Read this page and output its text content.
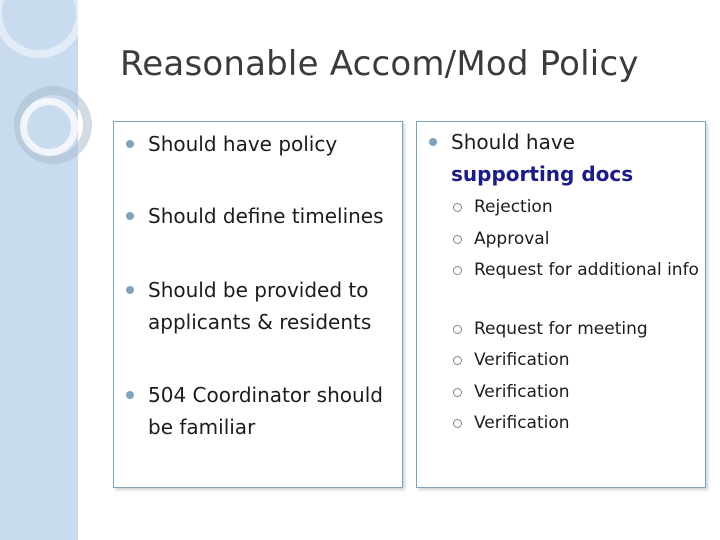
Reasonable Accom/Mod Policy
Should have policy
Should define timelines
Should be provided to applicants & residents
504 Coordinator should be familiar
Should have
supporting docs
Rejection
Approval
Request for additional info
Request for meeting
Verification
Verification
Verification
